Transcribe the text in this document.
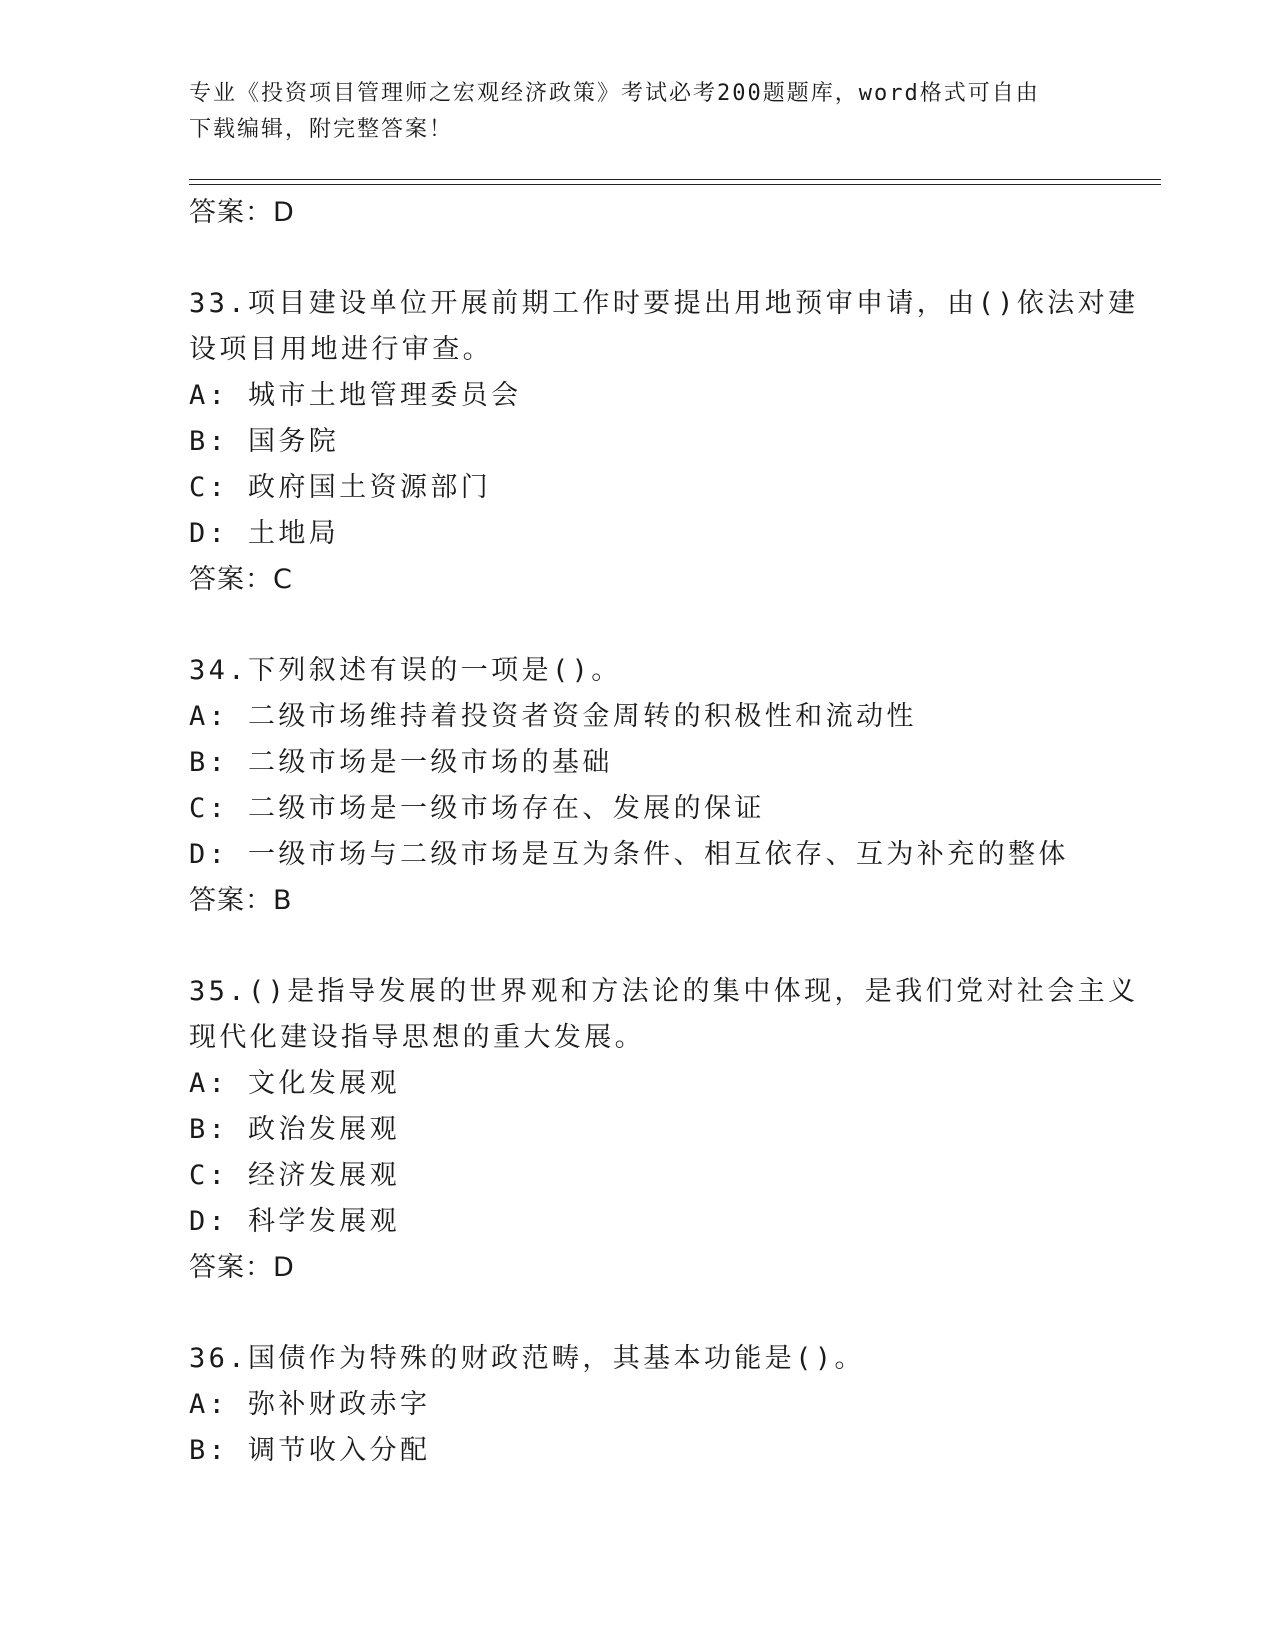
专业《投资项目管理师之宏观经济政策》考试必考200题题库，word格式可自由
下载编辑，附完整答案！
答案：D
33.项目建设单位开展前期工作时要提出用地预审申请，由()依法对建
设项目用地进行审查。
A: 城市土地管理委员会
B: 国务院
C: 政府国土资源部门
D: 土地局
答案：C
34.下列叙述有误的一项是()。
A: 二级市场维持着投资者资金周转的积极性和流动性
B: 二级市场是一级市场的基础
C: 二级市场是一级市场存在、发展的保证
D: 一级市场与二级市场是互为条件、相互依存、互为补充的整体
答案：B
35.()是指导发展的世界观和方法论的集中体现，是我们党对社会主义
现代化建设指导思想的重大发展。
A: 文化发展观
B: 政治发展观
C: 经济发展观
D: 科学发展观
答案：D
36.国债作为特殊的财政范畴，其基本功能是()。
A: 弥补财政赤字
B: 调节收入分配
